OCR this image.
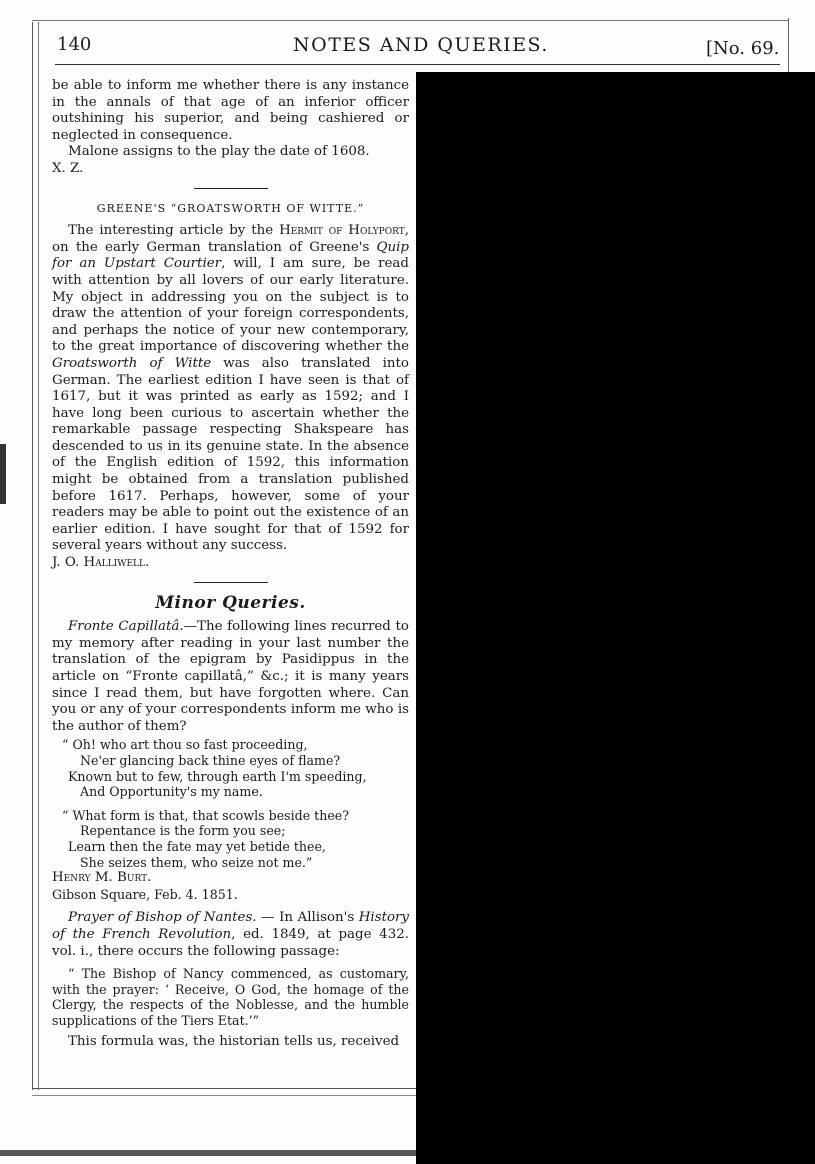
140	NOTES AND QUERIES.	[No. 69.

be able to inform me whether there is any instance in the annals of that age of an inferior officer outshining his superior, and being cashiered or neglected in consequence.

Malone assigns to the play the date of 1608.

X. Z.

GREENE'S “GROATSWORTH OF WITTE.”

The interesting article by the Hermit of Holyport, on the early German translation of Greene's Quip for an Upstart Courtier, will, I am sure, be read with attention by all lovers of our early literature. My object in addressing you on the subject is to draw the attention of your foreign correspondents, and perhaps the notice of your new contemporary, to the great importance of discovering whether the Groatsworth of Witte was also translated into German. The earliest edition I have seen is that of 1617, but it was printed as early as 1592; and I have long been curious to ascertain whether the remarkable passage respecting Shakspeare has descended to us in its genuine state. In the absence of the English edition of 1592, this information might be obtained from a translation published before 1617. Perhaps, however, some of your readers may be able to point out the existence of an earlier edition. I have sought for that of 1592 for several years without any success.

J. O. Halliwell.

Minor Queries.

Fronte Capillatâ.—The following lines recurred to my memory after reading in your last number the translation of the epigram by Pasidippus in the article on “Fronte capillatâ,” &c.; it is many years since I read them, but have forgotten where. Can you or any of your correspondents inform me who is the author of them?

“ Oh! who art thou so fast proceeding,
Ne'er glancing back thine eyes of flame?
Known but to few, through earth I'm speeding,
And Opportunity's my name.
“ What form is that, that scowls beside thee?
Repentance is the form you see;
Learn then the fate may yet betide thee,
She seizes them, who seize not me.”

Henry M. Burt.

Gibson Square, Feb. 4. 1851.

Prayer of Bishop of Nantes. — In Allison's History of the French Revolution, ed. 1849, at page 432. vol. i., there occurs the following passage:

“ The Bishop of Nancy commenced, as customary, with the prayer: ‘ Receive, O God, the homage of the Clergy, the respects of the Noblesse, and the humble supplications of the Tiers Etat.’”

This formula was, the historian tells us, received
